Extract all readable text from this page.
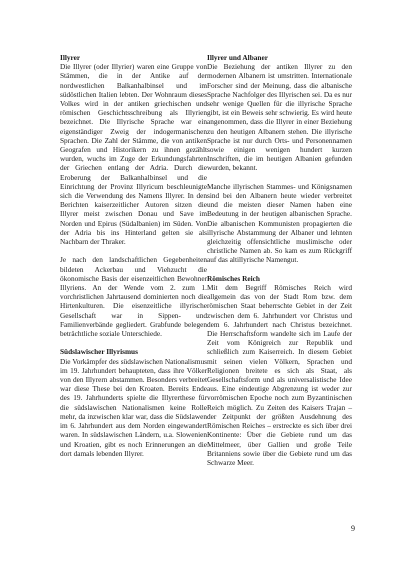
Illyrer

Die Illyrer (oder Illyrier) waren eine Gruppe von Stämmen, die in der Antike auf der nordwestlichen Balkanhalbinsel und im südöstlichen Italien lebten. Der Wohnraum dieses Volkes wird in der antiken griechischen und römischen Geschichtsschreibung als Illyrien bezeichnet. Die Illyrische Sprache war ein eigenständiger Zweig der indogermanischen Sprachen. Die Zahl der Stämme, die von antiken Geografen und Historikern zu ihnen gezählt wurden, wuchs im Zuge der Erkundungsfahrten der Griechen entlang der Adria. Durch die Eroberung der Balkanhalbinsel und die Einrichtung der Provinz Illyricum beschleunigte sich die Verwendung des Namens Illyrer. In den Berichten kaiserzeitlicher Autoren sitzen die Illyrer meist zwischen Donau und Save im Norden und Epirus (Südalbanien) im Süden. Von der Adria bis ins Hinterland gelten sie als Nachbarn der Thraker.

Je nach den landschaftlichen Gegebenheiten bildeten Ackerbau und Viehzucht die ökonomische Basis der eisenzeitlichen Bewohner Illyriens. An der Wende vom 2. zum 1. vorchristlichen Jahrtausend dominierten noch die Hirtenkulturen. Die eisenzeitliche illyrische Gesellschaft war in Sippen- und Familienverbände gegliedert. Grabfunde belegen beträchtliche soziale Unterschiede.

Südslawischer Illyrismus

Die Vorkämpfer des südslawischen Nationalismus im 19. Jahrhundert behaupteten, dass ihre Völker von den Illyrern abstammen. Besonders verbreitet war diese These bei den Kroaten. Bereits Ende des 19. Jahrhunderts spielte die Illyrerthese für die südslawischen Nationalismen keine Rolle mehr, da inzwischen klar war, dass die Südslawen im 6. Jahrhundert aus dem Norden eingewandert waren. In südslawischen Ländern, u.a. Slowenien und Kroatien, gibt es noch Erinnerungen an die dort damals lebenden Illyrer.

Illyrer und Albaner

Die Beziehung der antiken Illyrer zu den modernen Albanern ist umstritten. Internationale Forscher sind der Meinung, dass die albanische Sprache Nachfolger des Illyrischen sei. Da es nur sehr wenige Quellen für die illyrische Sprache gibt, ist ein Beweis sehr schwierig. Es wird heute angenommen, dass die Illyrer in einer Beziehung zu den heutigen Albanern stehen. Die illyrische Sprache ist nur durch Orts- und Personennamen sowie einigen wenigen hundert kurzen Inschriften, die im heutigen Albanien gefunden wurden, bekannt.

Manche illyrischen Stammes- und Königsnamen sind bei den Albanern heute wieder verbreitet und die meisten dieser Namen haben eine Bedeutung in der heutigen albanischen Sprache. Die albanischen Kommunisten propagierten die illyrische Abstammung der Albaner und lehnten gleichzeitig offensichtliche muslimische oder christliche Namen ab. So kam es zum Rückgriff auf das altillyrische Namengut.

Römisches Reich

Mit dem Begriff Römisches Reich wird allgemein das von der Stadt Rom bzw. dem römischen Staat beherrschte Gebiet in der Zeit zwischen dem 6. Jahrhundert vor Christus und dem 6. Jahrhundert nach Christus bezeichnet. Die Herrschaftsform wandelte sich im Laufe der Zeit vom Königreich zur Republik und schließlich zum Kaiserreich. In diesem Gebiet mit seinen vielen Völkern, Sprachen und Religionen breitete es sich als Staat, als Gesellschaftsform und als universalistische Idee aus. Eine eindeutige Abgrenzung ist weder zur vorrömischen Epoche noch zum Byzantinischen Reich möglich. Zu Zeiten des Kaisers Trajan – der Zeitpunkt der größten Ausdehnung des Römischen Reiches – erstreckte es sich über drei Kontinente: Über die Gebiete rund um das Mittelmeer, über Gallien und große Teile Britanniens sowie über die Gebiete rund um das Schwarze Meer.

9
